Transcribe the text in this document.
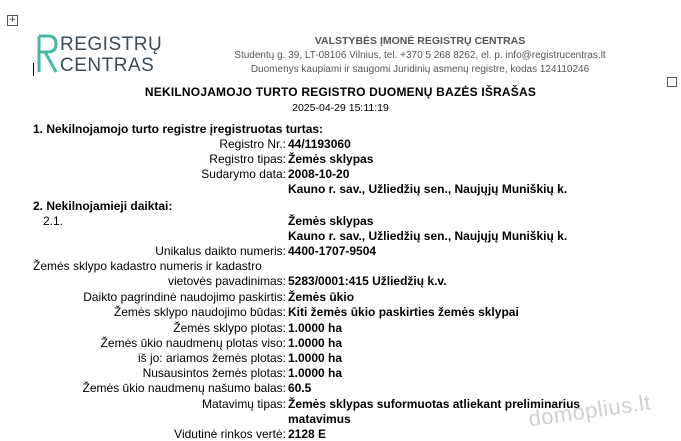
+
REGISTRŲ
CENTRAS
VALSTYBĖS ĮMONĖ REGISTRŲ CENTRAS
Studentų g. 39, LT-08106 Vilnius, tel. +370 5 268 8262, el. p. info@registrucentras.lt
Duomenys kaupiami ir saugomi Juridinių asmenų registre, kodas 124110246
NEKILNOJAMOJO TURTO REGISTRO DUOMENŲ BAZĖS IŠRAŠAS
2025-04-29 15:11:19
1. Nekilnojamojo turto registre įregistruotas turtas:
Registro Nr.: 44/1193060
Registro tipas: Žemės sklypas
Sudarymo data: 2008-10-20
Kauno r. sav., Užliedžių sen., Naujųjų Muniškių k.
2. Nekilnojamieji daiktai:
2.1.	Žemės sklypas
Kauno r. sav., Užliedžių sen., Naujųjų Muniškių k.
Unikalus daikto numeris: 4400-1707-9504
Žemės sklypo kadastro numeris ir kadastro
vietovės pavadinimas: 5283/0001:415 Užliedžių k.v.
Daikto pagrindinė naudojimo paskirtis: Žemės ūkio
Žemės sklypo naudojimo būdas: Kiti žemės ūkio paskirties žemės sklypai
Žemės sklypo plotas: 1.0000 ha
Žemės ūkio naudmenų plotas viso: 1.0000 ha
iš jo: ariamos žemės plotas: 1.0000 ha
Nusausintos žemės plotas: 1.0000 ha
Žemės ūkio naudmenų našumo balas: 60.5
Matavimų tipas: Žemės sklypas suformuotas atliekant preliminarius
matavimus
Vidutinė rinkos vertė: 2128 E
domoplius.lt
